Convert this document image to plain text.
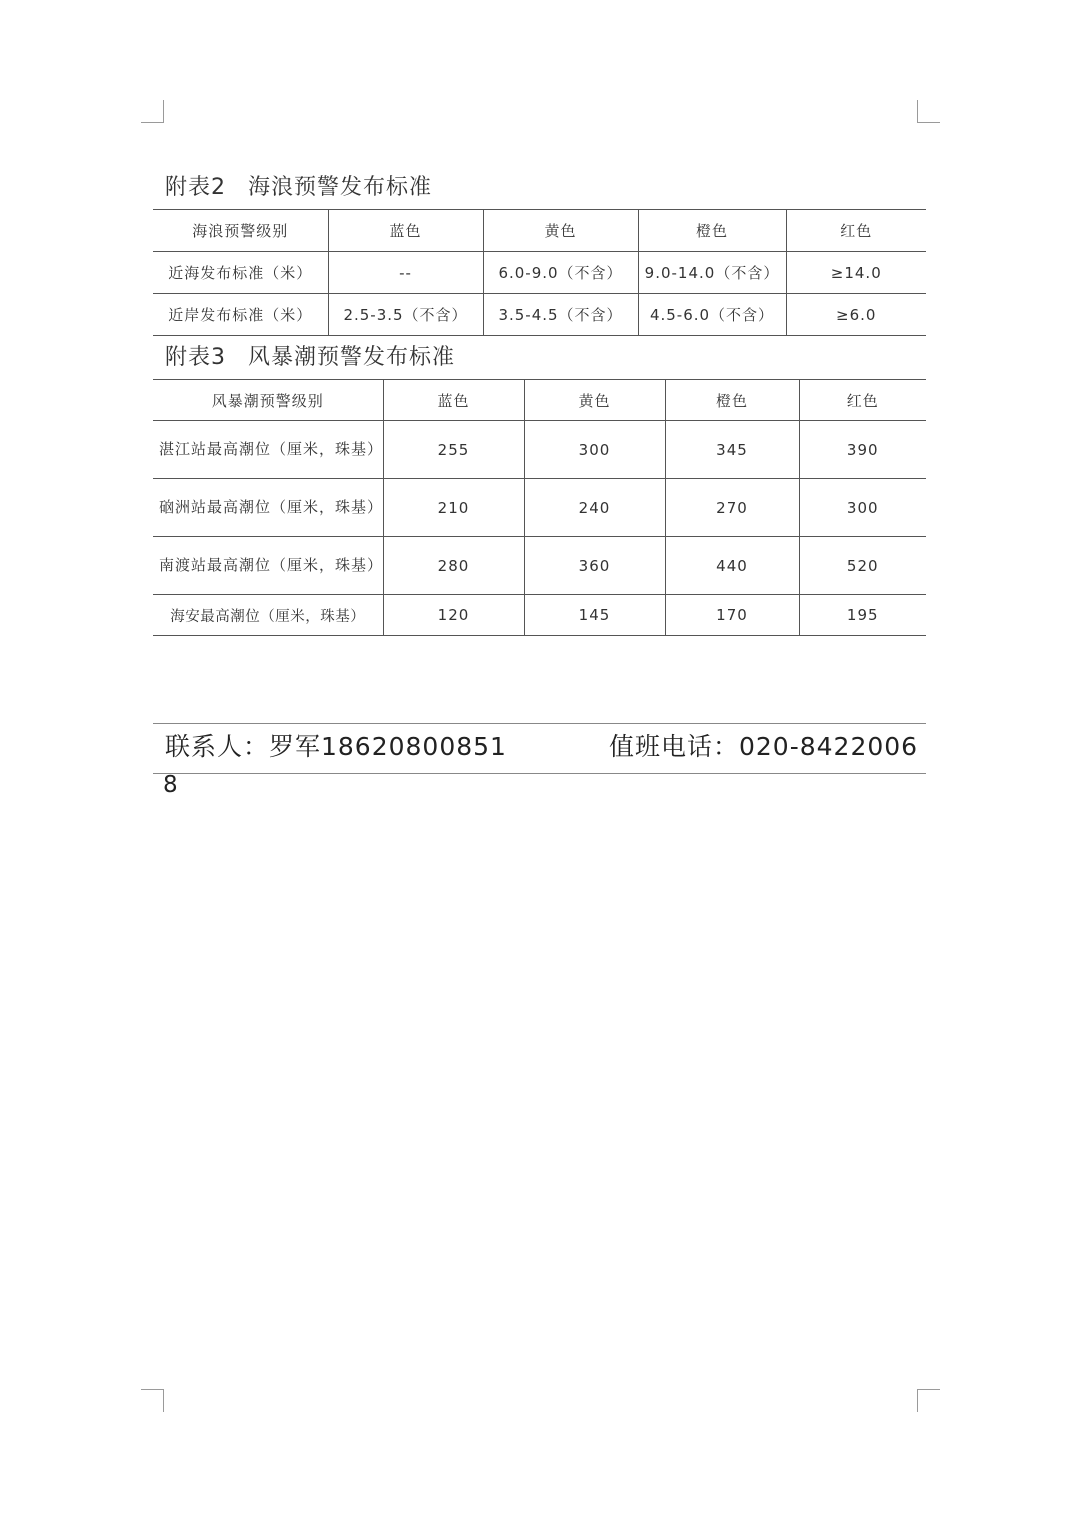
附表2 海浪预警发布标准
海浪预警级别	蓝色	黄色	橙色	红色
近海发布标准（米）	--	6.0-9.0（不含）	9.0-14.0（不含）	≥14.0
近岸发布标准（米）	2.5-3.5（不含）	3.5-4.5（不含）	4.5-6.0（不含）	≥6.0
附表3 风暴潮预警发布标准
风暴潮预警级别	蓝色	黄色	橙色	红色
湛江站最高潮位（厘米，珠基）	255	300	345	390
硇洲站最高潮位（厘米，珠基）	210	240	270	300
南渡站最高潮位（厘米，珠基）	280	360	440	520
海安最高潮位（厘米，珠基）	120	145	170	195
联系人：罗军18620800851	值班电话：020-8422006
8
